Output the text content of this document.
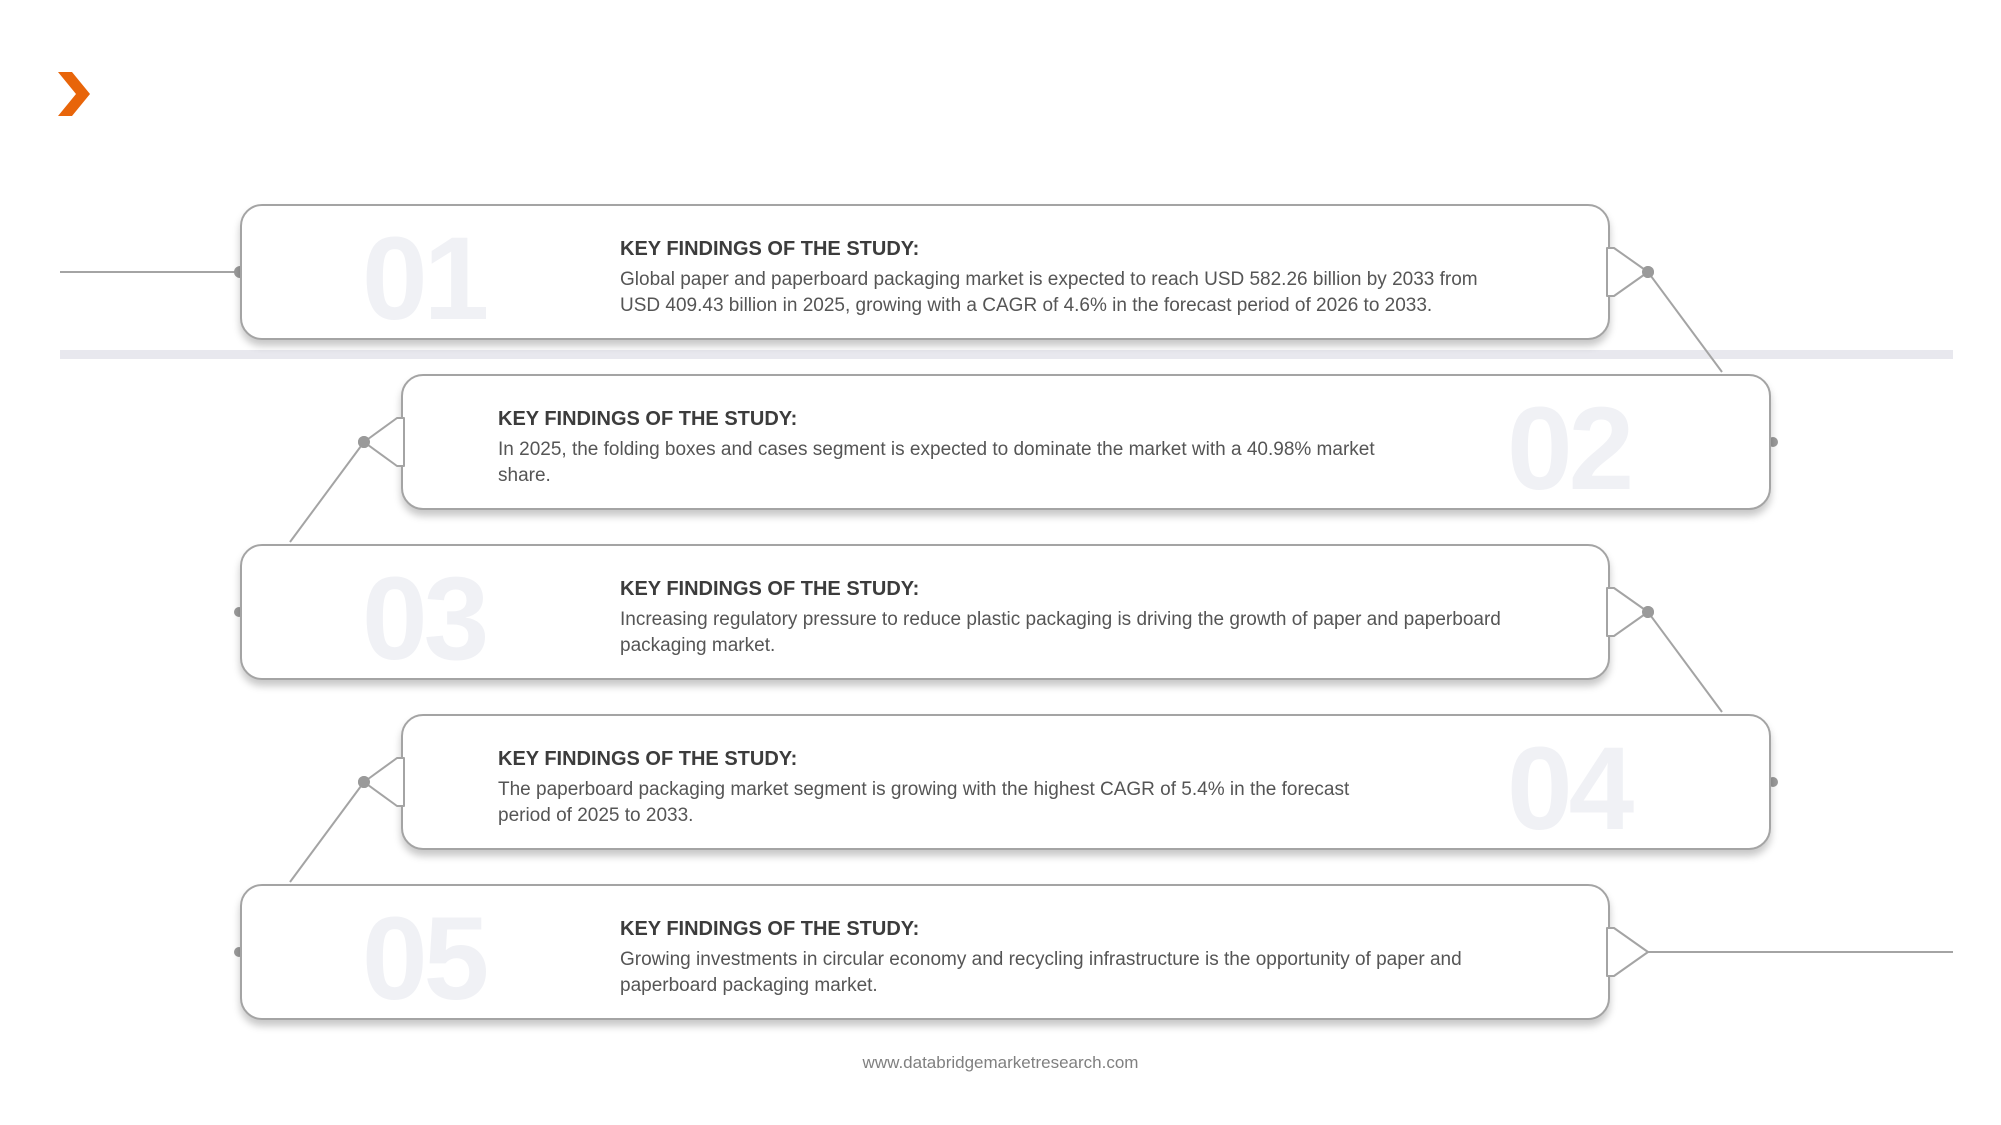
01	KEY FINDINGS OF THE STUDY:
Global paper and paperboard packaging market is expected to reach USD 582.26 billion by 2033 from USD 409.43 billion in 2025, growing with a CAGR of 4.6% in the forecast period of 2026 to 2033.
02
KEY FINDINGS OF THE STUDY:
In 2025, the folding boxes and cases segment is expected to dominate the market with a 40.98% market share.
03	KEY FINDINGS OF THE STUDY:
Increasing regulatory pressure to reduce plastic packaging is driving the growth of paper and paperboard packaging market.
04
KEY FINDINGS OF THE STUDY:
The paperboard packaging market segment is growing with the highest CAGR of 5.4% in the forecast period of 2025 to 2033.
05	KEY FINDINGS OF THE STUDY:
Growing investments in circular economy and recycling infrastructure is the opportunity of paper and paperboard packaging market.
www.databridgemarketresearch.com
